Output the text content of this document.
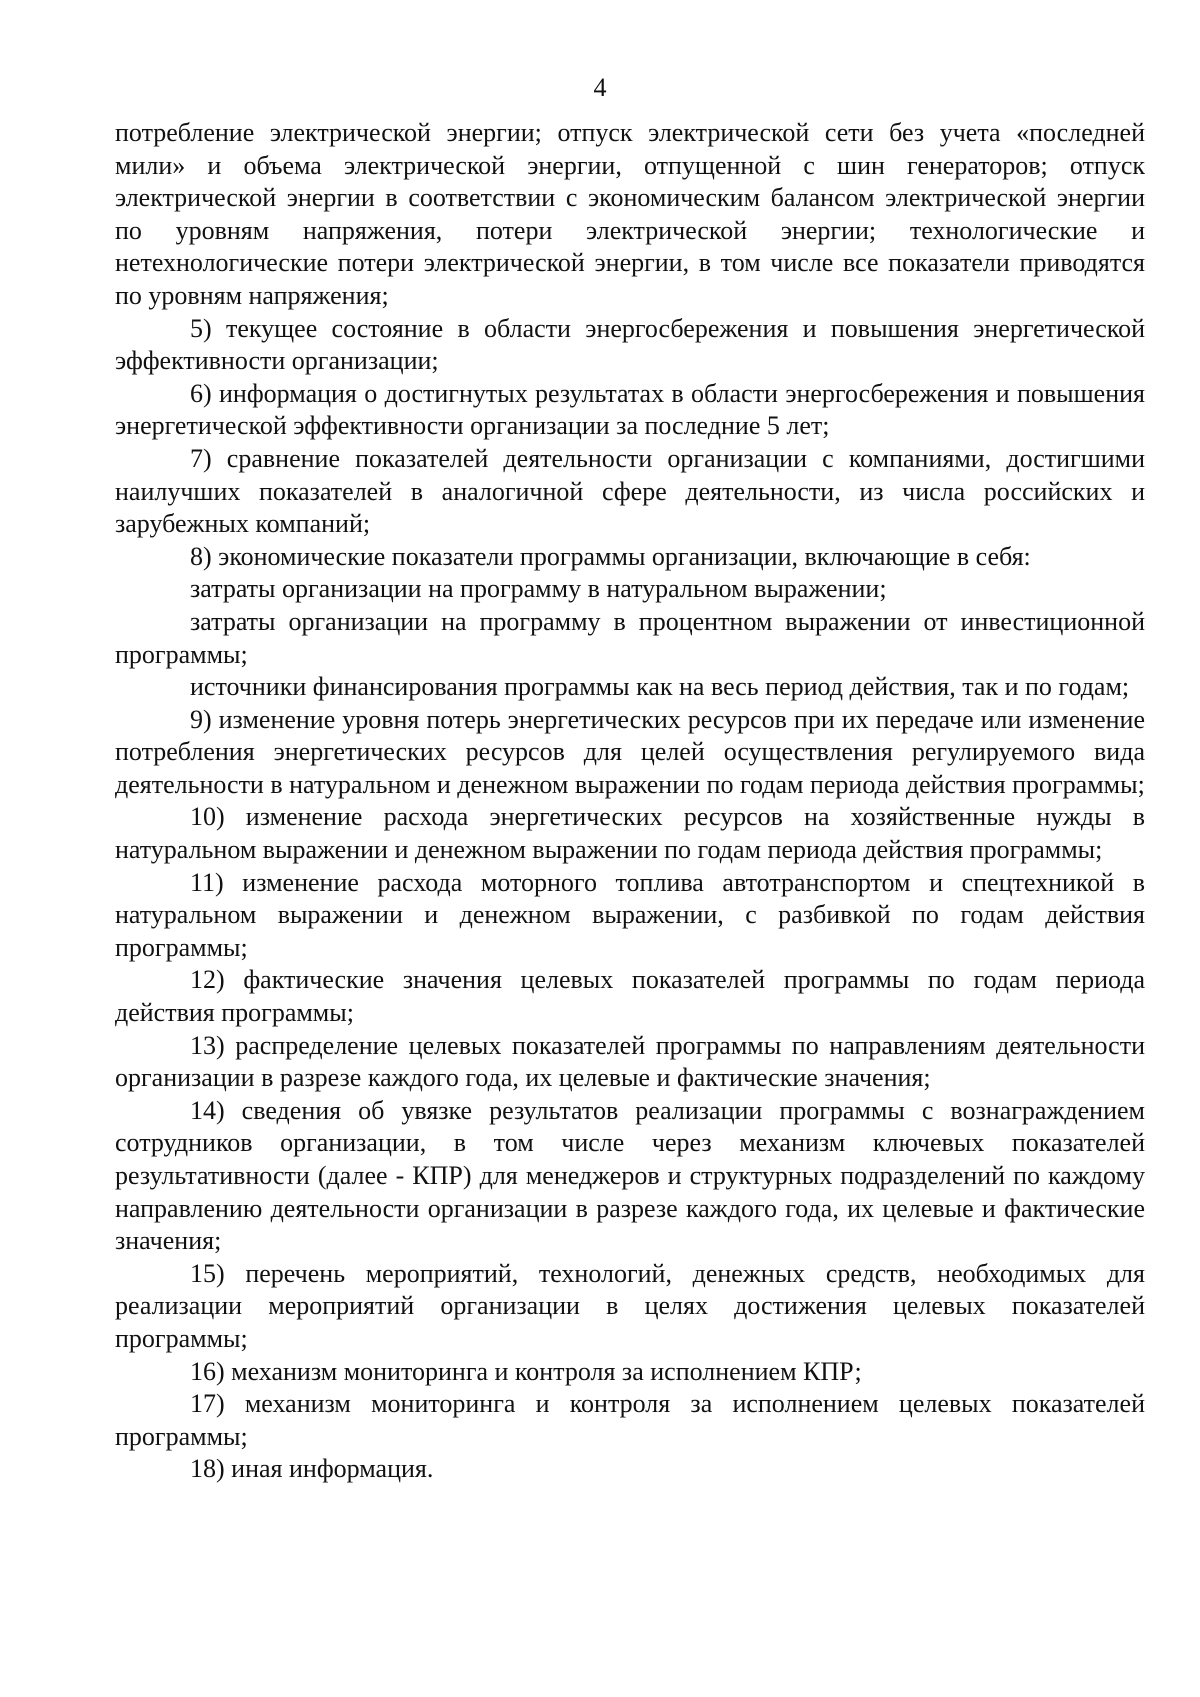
4

потребление электрической энергии; отпуск электрической сети без учета «последней мили» и объема электрической энергии, отпущенной с шин генераторов; отпуск электрической энергии в соответствии с экономическим балансом электрической энергии по уровням напряжения, потери электрической энергии; технологические и нетехнологические потери электрической энергии, в том числе все показатели приводятся по уровням напряжения;

5) текущее состояние в области энергосбережения и повышения энергетической эффективности организации;

6) информация о достигнутых результатах в области энергосбережения и повышения энергетической эффективности организации за последние 5 лет;

7) сравнение показателей деятельности организации с компаниями, достигшими наилучших показателей в аналогичной сфере деятельности, из числа российских и зарубежных компаний;

8) экономические показатели программы организации, включающие в себя:

затраты организации на программу в натуральном выражении;

затраты организации на программу в процентном выражении от инвестиционной программы;

источники финансирования программы как на весь период действия, так и по годам;

9) изменение уровня потерь энергетических ресурсов при их передаче или изменение потребления энергетических ресурсов для целей осуществления регулируемого вида деятельности в натуральном и денежном выражении по годам периода действия программы;

10) изменение расхода энергетических ресурсов на хозяйственные нужды в натуральном выражении и денежном выражении по годам периода действия программы;

11) изменение расхода моторного топлива автотранспортом и спецтехникой в натуральном выражении и денежном выражении, с разбивкой по годам действия программы;

12) фактические значения целевых показателей программы по годам периода действия программы;

13) распределение целевых показателей программы по направлениям деятельности организации в разрезе каждого года, их целевые и фактические значения;

14) сведения об увязке результатов реализации программы с вознаграждением сотрудников организации, в том числе через механизм ключевых показателей результативности (далее - КПР) для менеджеров и структурных подразделений по каждому направлению деятельности организации в разрезе каждого года, их целевые и фактические значения;

15) перечень мероприятий, технологий, денежных средств, необходимых для реализации мероприятий организации в целях достижения целевых показателей программы;

16) механизм мониторинга и контроля за исполнением КПР;

17) механизм мониторинга и контроля за исполнением целевых показателей программы;

18) иная информация.
